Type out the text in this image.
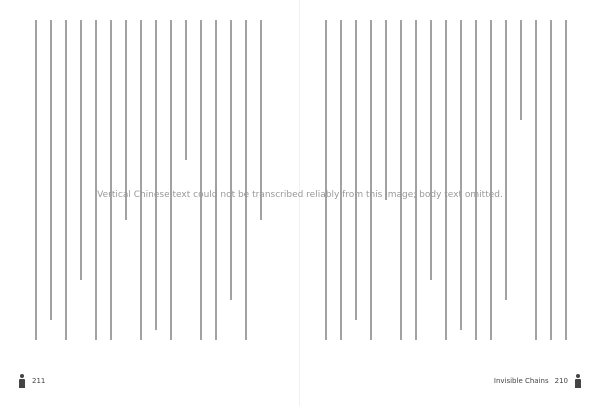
211	Invisible Chains 210
Vertical Chinese text could not be transcribed reliably from this image; body text omitted.
